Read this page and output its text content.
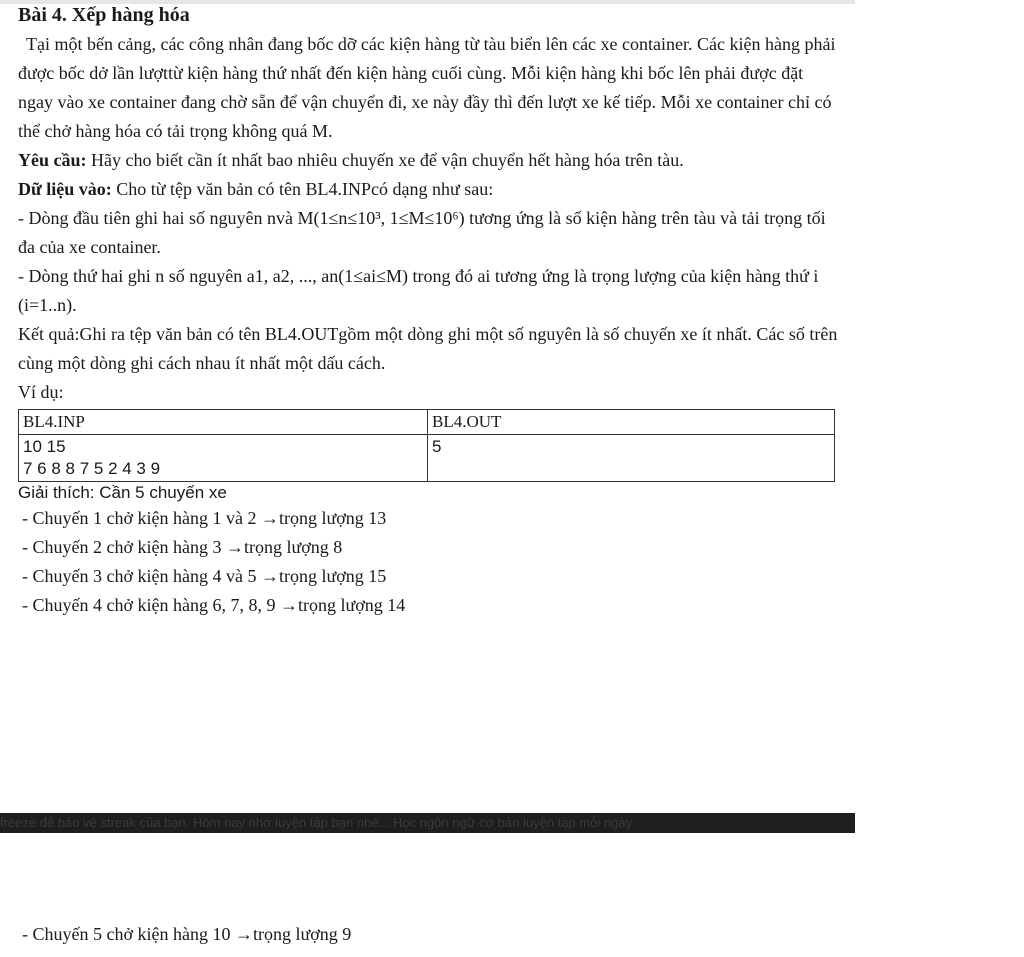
Bài 4. Xếp hàng hóa

Tại một bến cảng, các công nhân đang bốc dỡ các kiện hàng từ tàu biển lên các xe container. Các kiện hàng phải được bốc dở lần lượttừ kiện hàng thứ nhất đến kiện hàng cuối cùng. Mỗi kiện hàng khi bốc lên phải được đặt ngay vào xe container đang chờ sẵn để vận chuyển đi, xe này đầy thì đến lượt xe kế tiếp. Mỗi xe container chỉ có thể chở hàng hóa có tải trọng không quá M.

Yêu cầu: Hãy cho biết cần ít nhất bao nhiêu chuyến xe để vận chuyển hết hàng hóa trên tàu.

Dữ liệu vào: Cho từ tệp văn bản có tên BL4.INPcó dạng như sau:

- Dòng đầu tiên ghi hai số nguyên nvà M(1≤n≤10³, 1≤M≤10⁶) tương ứng là số kiện hàng trên tàu và tải trọng tối đa của xe container.

- Dòng thứ hai ghi n số nguyên a1, a2, ..., an(1≤ai≤M) trong đó ai tương ứng là trọng lượng của kiện hàng thứ i (i=1..n).

Kết quả:Ghi ra tệp văn bản có tên BL4.OUTgồm một dòng ghi một số nguyên là số chuyến xe ít nhất. Các số trên cùng một dòng ghi cách nhau ít nhất một dấu cách.

Ví dụ:

BL4.INP	BL4.OUT

10 15
7 6 8 8 7 5 2 4 3 9	5

Giải thích: Cần 5 chuyến xe

- Chuyến 1 chở kiện hàng 1 và 2 →trọng lượng 13

- Chuyến 2 chở kiện hàng 3 →trọng lượng 8

- Chuyến 3 chở kiện hàng 4 và 5 →trọng lượng 15

- Chuyến 4 chở kiện hàng 6, 7, 8, 9 →trọng lượng 14

freeze để bảo vệ streak của bạn. Hôm nay nhớ luyện tập bạn nhé... Học ngôn ngữ cơ bản luyện tập mỗi ngày
- Chuyến 5 chở kiện hàng 10 →trọng lượng 9
